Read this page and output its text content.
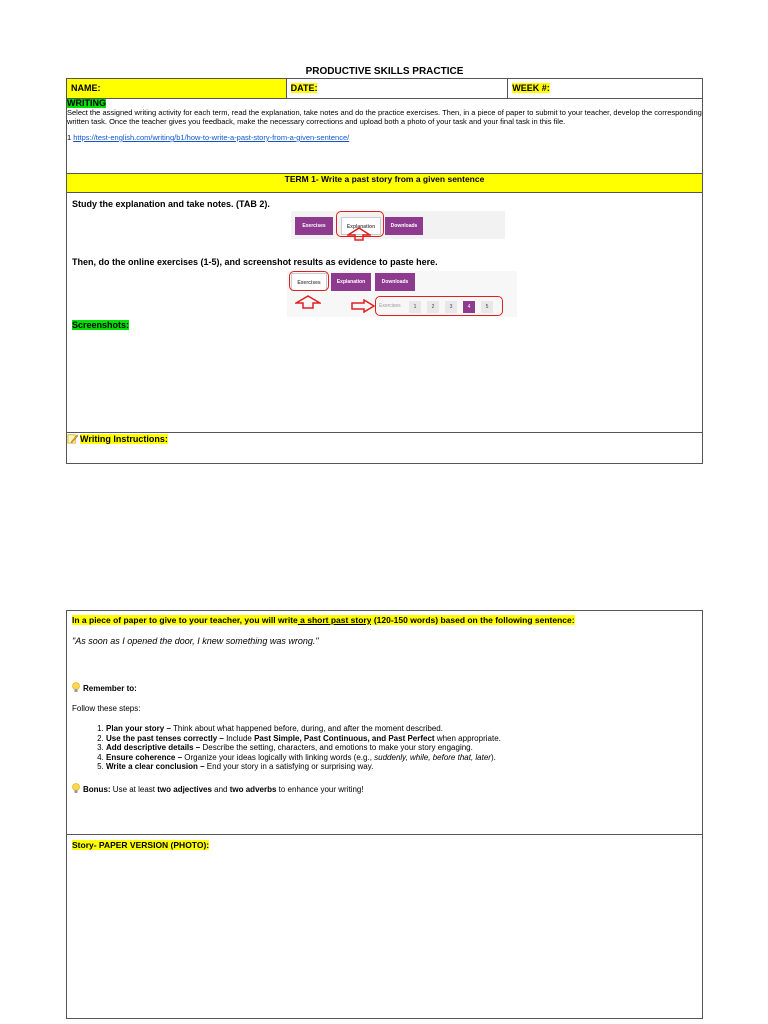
PRODUCTIVE SKILLS PRACTICE
NAME:	DATE:	WEEK #:

WRITING
Select the assigned writing activity for each term, read the explanation, take notes and do the practice exercises. Then, in a piece of paper to submit to your teacher, develop the corresponding written task. Once the teacher gives you feedback, make the necessary corrections and upload both a photo of your task and your final task in this file.
1 https://test-english.com/writing/b1/how-to-write-a-past-story-from-a-given-sentence/

TERM 1- Write a past story from a given sentence

Study the explanation and take notes. (TAB 2).
Exercises	Explanation	Downloads
Then, do the online exercises (1-5), and screenshot results as evidence to paste here.
Exercises	Explanation	Downloads
Exercises	1	2	3	4	5
Screenshots:

Writing Instructions:
In a piece of paper to give to your teacher, you will write a short past story (120-150 words) based on the following sentence:
"As soon as I opened the door, I knew something was wrong."
Remember to:
Follow these steps:
1. Plan your story – Think about what happened before, during, and after the moment described.
2. Use the past tenses correctly – Include Past Simple, Past Continuous, and Past Perfect when appropriate.
3. Add descriptive details – Describe the setting, characters, and emotions to make your story engaging.
4. Ensure coherence – Organize your ideas logically with linking words (e.g., suddenly, while, before that, later).
5. Write a clear conclusion – End your story in a satisfying or surprising way.
Bonus: Use at least two adjectives and two adverbs to enhance your writing!

Story- PAPER VERSION (PHOTO):
